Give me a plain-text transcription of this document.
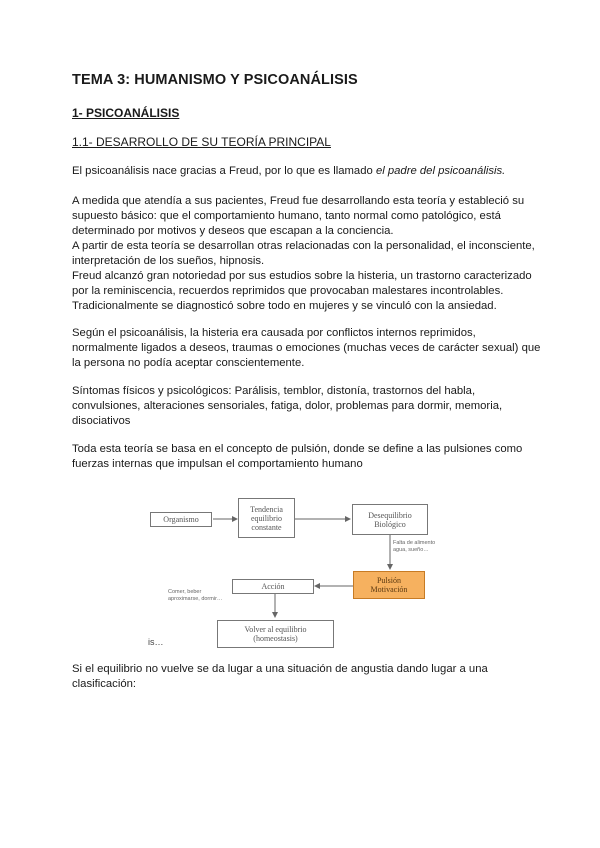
TEMA 3: HUMANISMO Y PSICOANÁLISIS
1- PSICOANÁLISIS
1.1- DESARROLLO DE SU TEORÍA PRINCIPAL

El psicoanálisis nace gracias a Freud, por lo que es llamado el padre del psicoanálisis.

A medida que atendía a sus pacientes, Freud fue desarrollando esta teoría y estableció su supuesto básico: que el comportamiento humano, tanto normal como patológico, está determinado por motivos y deseos que escapan a la conciencia.

A partir de esta teoría se desarrollan otras relacionadas con la personalidad, el inconsciente, interpretación de los sueños, hipnosis.

Freud alcanzó gran notoriedad por sus estudios sobre la histeria, un trastorno caracterizado por la reminiscencia, recuerdos reprimidos que provocaban malestares incontrolables. Tradicionalmente se diagnosticó sobre todo en mujeres y se vinculó con la ansiedad.

Según el psicoanálisis, la histeria era causada por conflictos internos reprimidos, normalmente ligados a deseos, traumas o emociones (muchas veces de carácter sexual) que la persona no podía aceptar conscientemente.

Síntomas físicos y psicológicos: Parálisis, temblor, distonía, trastornos del habla, convulsiones, alteraciones sensoriales, fatiga, dolor, problemas para dormir, memoria, disociativos

Toda esta teoría se basa en el concepto de pulsión, donde se define a las pulsiones como fuerzas internas que impulsan el comportamiento humano

Organismo
Tendencia
equilibrio
constante
Desequilibrio
Biológico
Falta de alimento
agua, sueño…
Pulsión
Motivación
Acción
Comer, beber
aproximarse, dormir…
Volver al equilibrio
(homeostasis)
is…

Si el equilibrio no vuelve se da lugar a una situación de angustia dando lugar a una clasificación:
